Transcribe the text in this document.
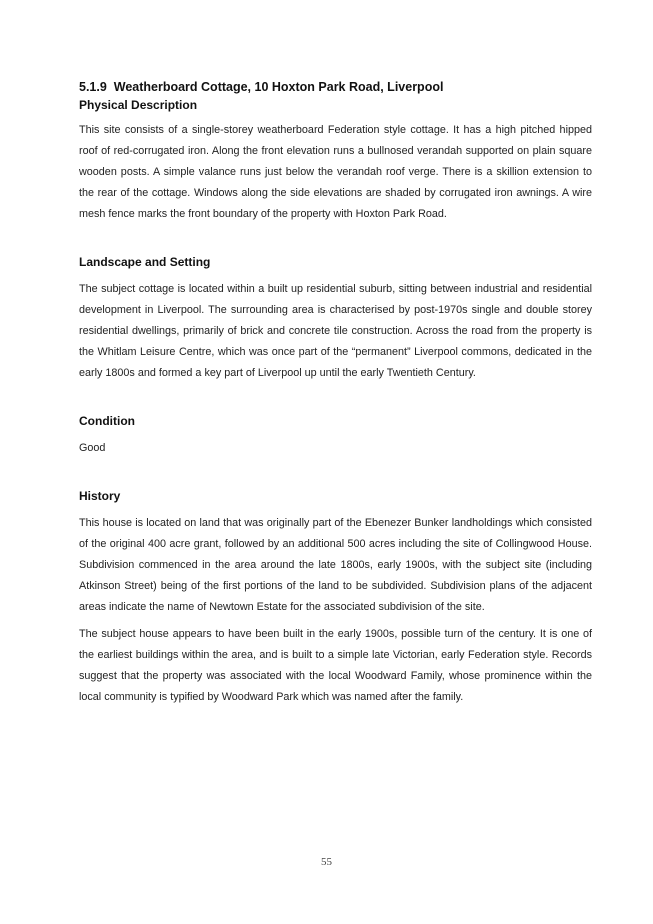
5.1.9  Weatherboard Cottage, 10 Hoxton Park Road, Liverpool
Physical Description

This site consists of a single-storey weatherboard Federation style cottage. It has a high pitched hipped roof of red-corrugated iron. Along the front elevation runs a bullnosed verandah supported on plain square wooden posts. A simple valance runs just below the verandah roof verge. There is a skillion extension to the rear of the cottage. Windows along the side elevations are shaded by corrugated iron awnings. A wire mesh fence marks the front boundary of the property with Hoxton Park Road.

Landscape and Setting

The subject cottage is located within a built up residential suburb, sitting between industrial and residential development in Liverpool. The surrounding area is characterised by post-1970s single and double storey residential dwellings, primarily of brick and concrete tile construction. Across the road from the property is the Whitlam Leisure Centre, which was once part of the “permanent” Liverpool commons, dedicated in the early 1800s and formed a key part of Liverpool up until the early Twentieth Century.

Condition

Good

History

This house is located on land that was originally part of the Ebenezer Bunker landholdings which consisted of the original 400 acre grant, followed by an additional 500 acres including the site of Collingwood House. Subdivision commenced in the area around the late 1800s, early 1900s, with the subject site (including Atkinson Street) being of the first portions of the land to be subdivided. Subdivision plans of the adjacent areas indicate the name of Newtown Estate for the associated subdivision of the site.

The subject house appears to have been built in the early 1900s, possible turn of the century. It is one of the earliest buildings within the area, and is built to a simple late Victorian, early Federation style. Records suggest that the property was associated with the local Woodward Family, whose prominence within the local community is typified by Woodward Park which was named after the family.

55
